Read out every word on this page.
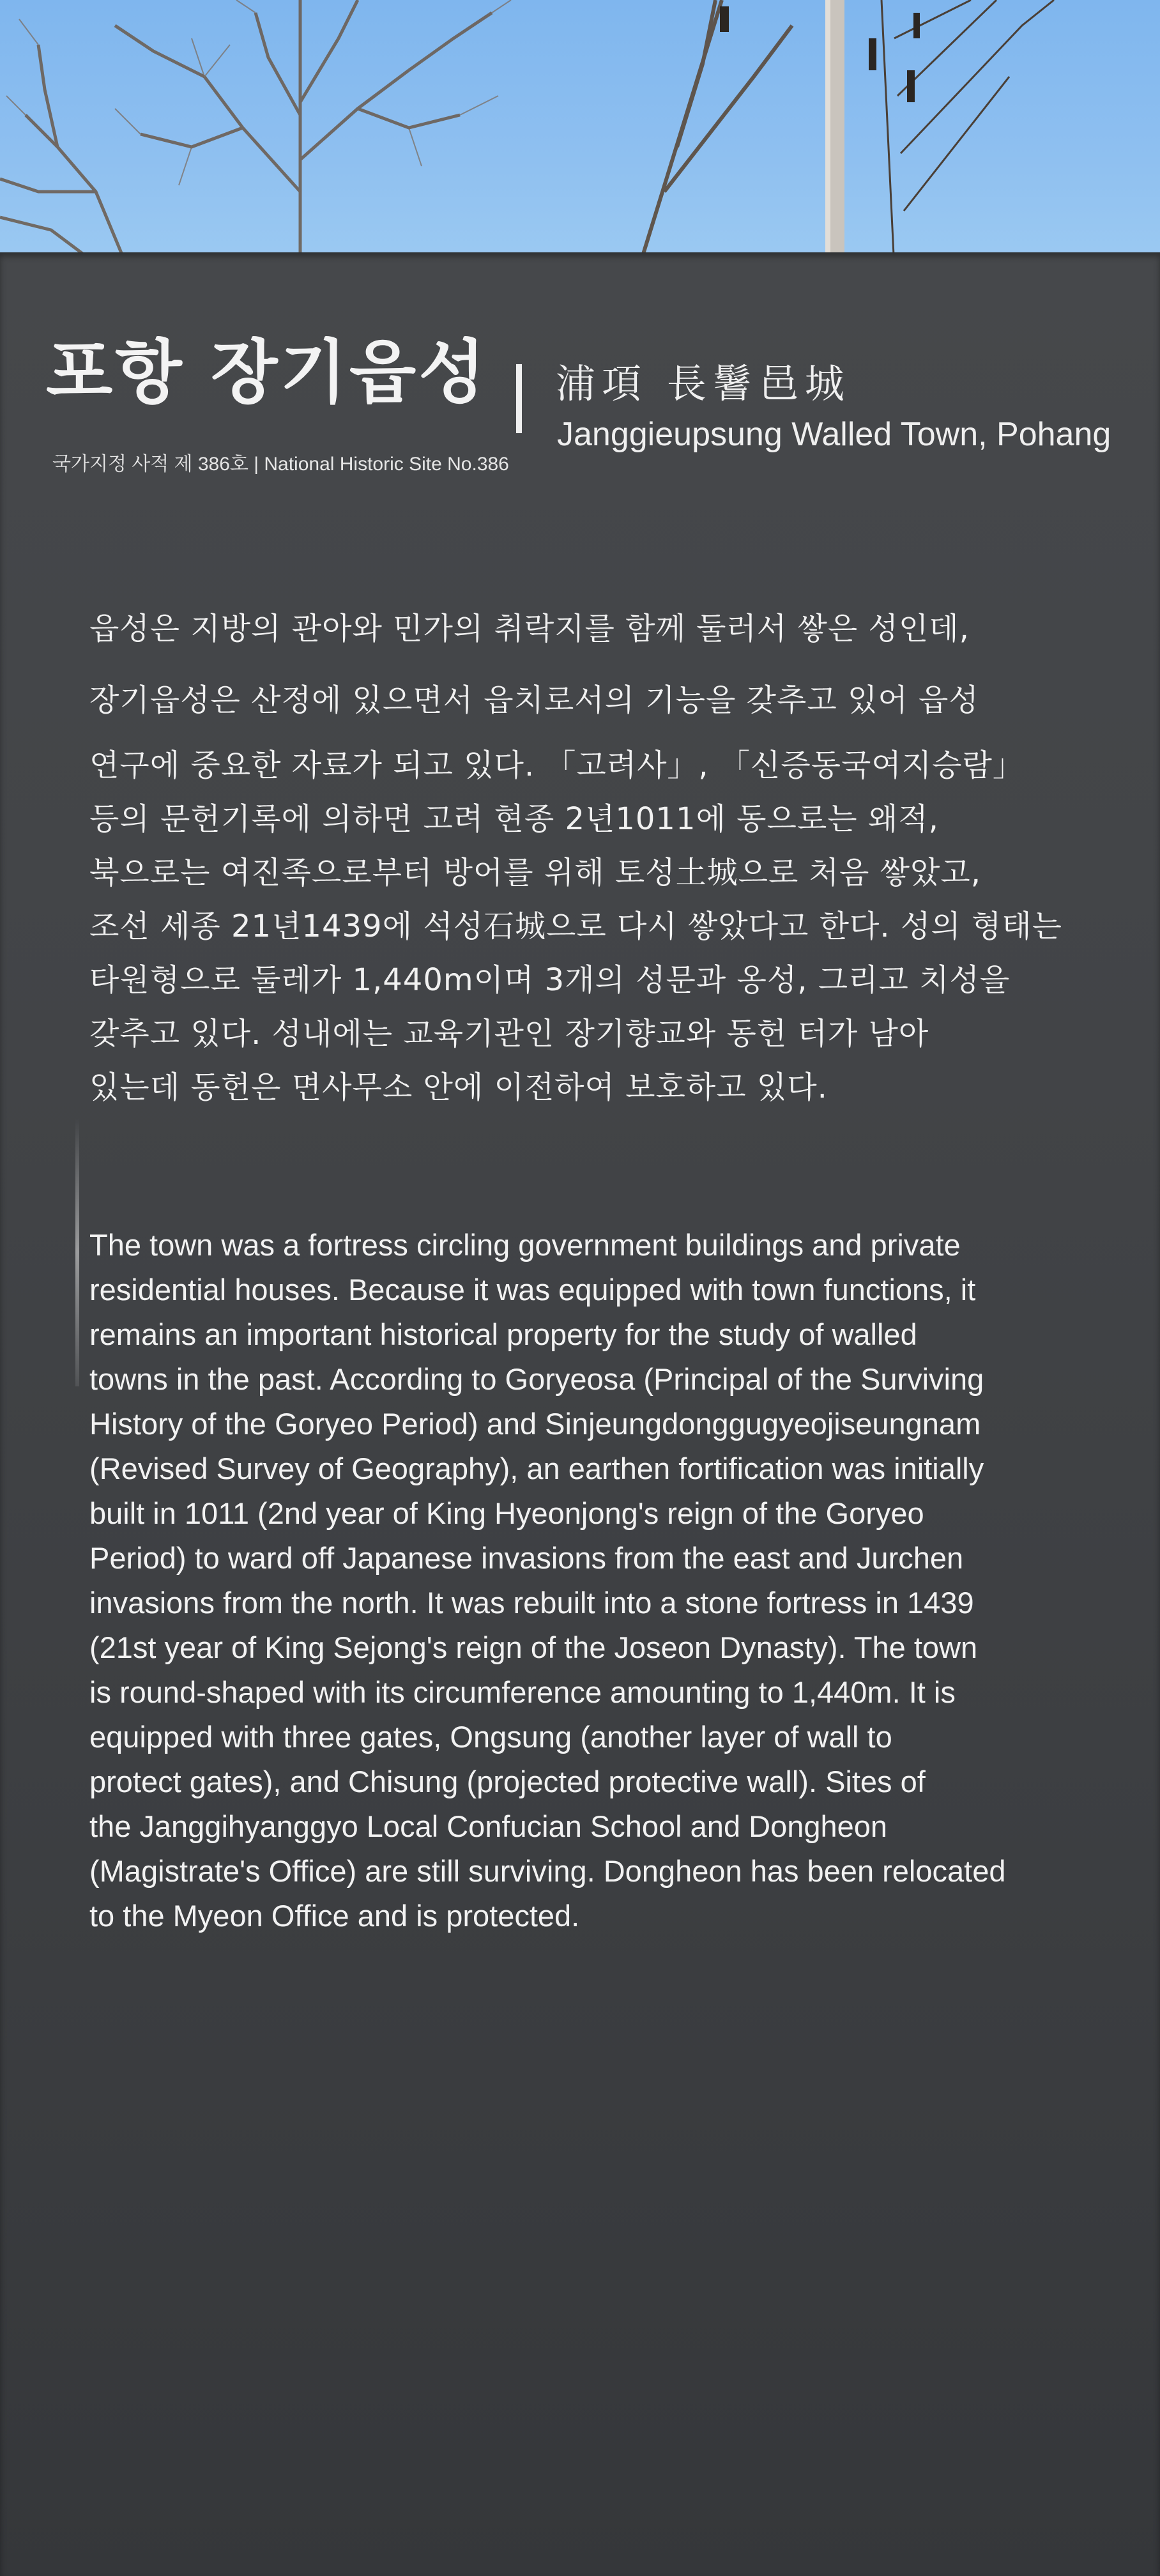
포항 장기읍성 浦項 長鬐邑城
Janggieupsung Walled Town, Pohang
국가지정 사적 제 386호 | National Historic Site No.386
읍성은 지방의 관아와 민가의 취락지를 함께 둘러서 쌓은 성인데,
장기읍성은 산정에 있으면서 읍치로서의 기능을 갖추고 있어 읍성
연구에 중요한 자료가 되고 있다. 「고려사」, 「신증동국여지승람」
등의 문헌기록에 의하면 고려 현종 2년1011에 동으로는 왜적,
북으로는 여진족으로부터 방어를 위해 토성土城으로 처음 쌓았고,
조선 세종 21년1439에 석성石城으로 다시 쌓았다고 한다. 성의 형태는
타원형으로 둘레가 1,440m이며 3개의 성문과 옹성, 그리고 치성을
갖추고 있다. 성내에는 교육기관인 장기향교와 동헌 터가 남아
있는데 동헌은 면사무소 안에 이전하여 보호하고 있다.
The town was a fortress circling government buildings and private
residential houses. Because it was equipped with town functions, it
remains an important historical property for the study of walled
towns in the past. According to Goryeosa (Principal of the Surviving
History of the Goryeo Period) and Sinjeungdonggugyeojiseungnam
(Revised Survey of Geography), an earthen fortification was initially
built in 1011 (2nd year of King Hyeonjong's reign of the Goryeo
Period) to ward off Japanese invasions from the east and Jurchen
invasions from the north. It was rebuilt into a stone fortress in 1439
(21st year of King Sejong's reign of the Joseon Dynasty). The town
is round-shaped with its circumference amounting to 1,440m. It is
equipped with three gates, Ongsung (another layer of wall to
protect gates), and Chisung (projected protective wall). Sites of
the Janggihyanggyo Local Confucian School and Dongheon
(Magistrate's Office) are still surviving. Dongheon has been relocated
to the Myeon Office and is protected.
